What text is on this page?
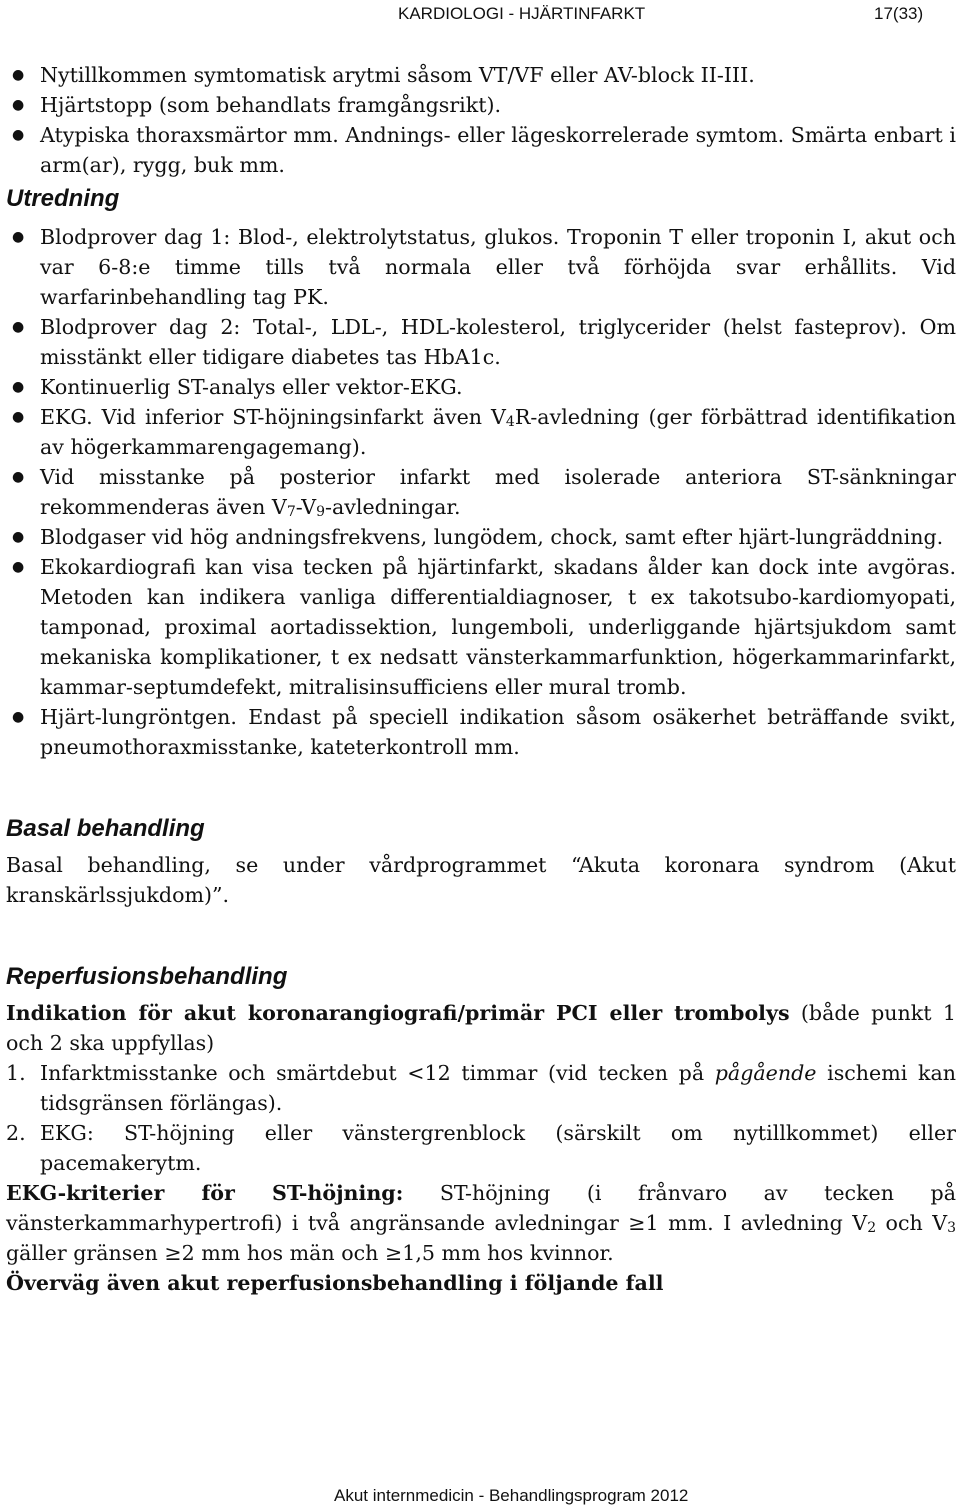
KARDIOLOGI - HJÄRTINFARKT	17(33)
● Nytillkommen symtomatisk arytmi såsom VT/VF eller AV-block II-III.
● Hjärtstopp (som behandlats framgångsrikt).
● Atypiska thoraxsmärtor mm. Andnings- eller lägeskorrelerade symtom. Smärta enbart i arm(ar), rygg, buk mm.
Utredning
● Blodprover dag 1: Blod-, elektrolytstatus, glukos. Troponin T eller troponin I, akut och var 6-8:e timme tills två normala eller två förhöjda svar erhållits. Vid warfarinbehandling tag PK.
● Blodprover dag 2: Total-, LDL-, HDL-kolesterol, triglycerider (helst fasteprov). Om misstänkt eller tidigare diabetes tas HbA1c.
● Kontinuerlig ST-analys eller vektor-EKG.
● EKG. Vid inferior ST-höjningsinfarkt även $V_4R$-avledning (ger förbättrad identifikation av högerkammarengagemang).
● Vid misstanke på posterior infarkt med isolerade anteriora ST-sänkningar rekommenderas även $V_7-V_9$-avledningar.
● Blodgaser vid hög andningsfrekvens, lungödem, chock, samt efter hjärt-lungräddning.
● Ekokardiografi kan visa tecken på hjärtinfarkt, skadans ålder kan dock inte avgöras. Metoden kan indikera vanliga differentialdiagnoser, t ex takotsubo-kardiomyopati, tamponad, proximal aortadissektion, lungemboli, underliggande hjärtsjukdom samt mekaniska komplikationer, t ex nedsatt vänsterkammarfunktion, högerkammarinfarkt, kammar-septumdefekt, mitralisinsufficiens eller mural tromb.
● Hjärt-lungröntgen. Endast på speciell indikation såsom osäkerhet beträffande svikt, pneumothoraxmisstanke, kateterkontroll mm.
Basal behandling

Basal behandling, se under vårdprogrammet “Akuta koronara syndrom (Akut kranskärlssjukdom)”.

Reperfusionsbehandling

Indikation för akut koronarangiografi/primär PCI eller trombolys (både punkt 1 och 2 ska uppfyllas)

1. Infarktmisstanke och smärtdebut <12 timmar (vid tecken på pågående ischemi kan tidsgränsen förlängas).
2. EKG: ST-höjning eller vänstergrenblock (särskilt om nytillkommet) eller pacemakerytm.

EKG-kriterier för ST-höjning: ST-höjning (i frånvaro av tecken på vänsterkammarhypertrofi) i två angränsande avledningar ≥1 mm. I avledning $V_2$ och $V_3$ gäller gränsen ≥2 mm hos män och ≥1,5 mm hos kvinnor.

Överväg även akut reperfusionsbehandling i följande fall

Akut internmedicin - Behandlingsprogram 2012
